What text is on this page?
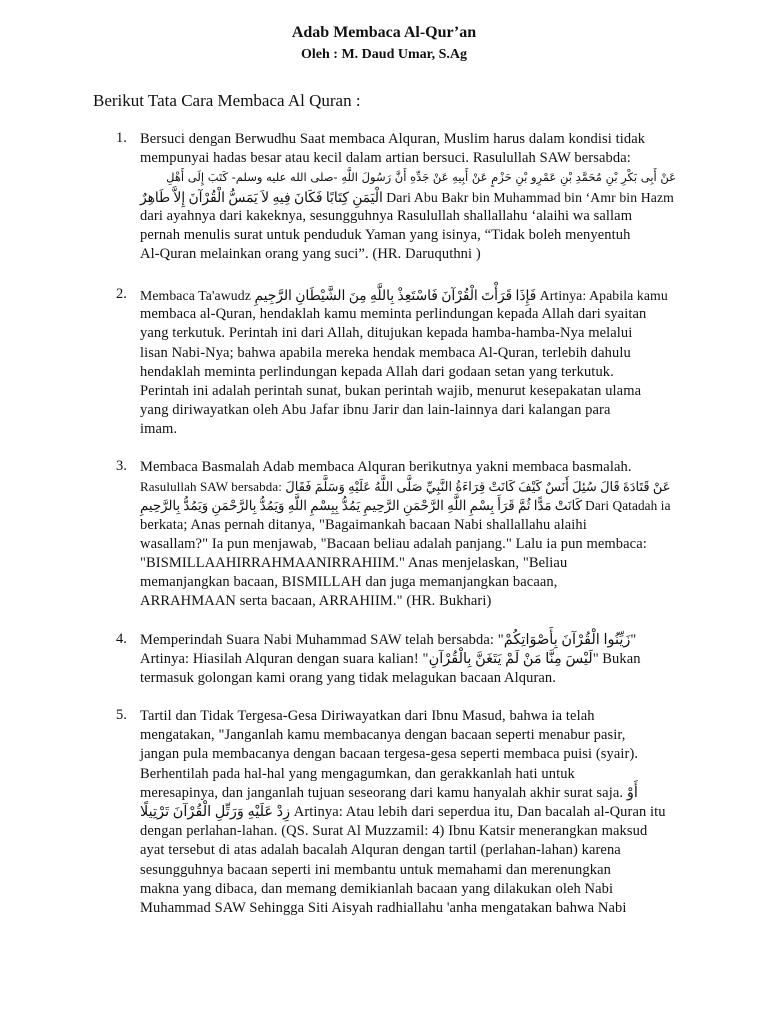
Adab Membaca Al-Qur’an
Oleh : M. Daud Umar, S.Ag
Berikut Tata Cara Membaca Al Quran :
1. Bersuci dengan Berwudhu Saat membaca Alquran, Muslim harus dalam kondisi tidak
mempunyai hadas besar atau kecil dalam artian bersuci. Rasulullah SAW bersabda:
عَنْ أَبِى بَكْرِ بْنِ مُحَمَّدِ بْنِ عَمْرِو بْنِ حَزْمٍ عَنْ أَبِيهِ عَنْ جَدِّهِ أَنَّ رَسُولَ اللَّهِ -صلى الله عليه وسلم- كَتَبَ إِلَى أَهْلِ
الْيَمَنِ كِتَابًا فَكَانَ فِيهِ لاَ يَمَسُّ الْقُرْآنَ إِلاَّ طَاهِرٌ Dari Abu Bakr bin Muhammad bin ‘Amr bin Hazm
dari ayahnya dari kakeknya, sesungguhnya Rasulullah shallallahu ‘alaihi wa sallam
pernah menulis surat untuk penduduk Yaman yang isinya, “Tidak boleh menyentuh
Al-Quran melainkan orang yang suci”. (HR. Daruquthni )
2. Membaca Ta'awudz فَإِذَا قَرَأْتَ الْقُرْآنَ فَاسْتَعِذْ بِاللَّهِ مِنَ الشَّيْطَانِ الرَّجِيمِ Artinya: Apabila kamu
membaca al-Quran, hendaklah kamu meminta perlindungan kepada Allah dari syaitan
yang terkutuk. Perintah ini dari Allah, ditujukan kepada hamba-hamba-Nya melalui
lisan Nabi-Nya; bahwa apabila mereka hendak membaca Al-Quran, terlebih dahulu
hendaklah meminta perlindungan kepada Allah dari godaan setan yang terkutuk.
Perintah ini adalah perintah sunat, bukan perintah wajib, menurut kesepakatan ulama
yang diriwayatkan oleh Abu Jafar ibnu Jarir dan lain-lainnya dari kalangan para
imam.
3. Membaca Basmalah Adab membaca Alquran berikutnya yakni membaca basmalah.
Rasulullah SAW bersabda: عَنْ قَتَادَةَ قَالَ سُئِلَ أَنَسٌ كَيْفَ كَانَتْ قِرَاءَةُ النَّبِيِّ صَلَّى اللَّهُ عَلَيْهِ وَسَلَّمَ فَقَالَ
كَانَتْ مَدًّا ثُمَّ قَرَأَ بِسْمِ اللَّهِ الرَّحْمَنِ الرَّحِيمِ يَمُدُّ بِبِسْمِ اللَّهِ وَيَمُدُّ بِالرَّحْمَنِ وَيَمُدُّ بِالرَّحِيمِ Dari Qatadah ia
berkata; Anas pernah ditanya, "Bagaimankah bacaan Nabi shallallahu alaihi
wasallam?" Ia pun menjawab, "Bacaan beliau adalah panjang." Lalu ia pun membaca:
"BISMILLAAHIRRAHMAANIRRAHIIM." Anas menjelaskan, "Beliau
memanjangkan bacaan, BISMILLAH dan juga memanjangkan bacaan,
ARRAHMAAN serta bacaan, ARRAHIIM." (HR. Bukhari)
4. Memperindah Suara Nabi Muhammad SAW telah bersabda: "زَيِّنُوا الْقُرْآنَ بِأَصْوَاتِكُمْ"
Artinya: Hiasilah Alquran dengan suara kalian! "لَيْسَ مِنَّا مَنْ لَمْ يَتَغَنَّ بِالْقُرْآنِ" Bukan
termasuk golongan kami orang yang tidak melagukan bacaan Alquran.
5. Tartil dan Tidak Tergesa-Gesa Diriwayatkan dari Ibnu Masud, bahwa ia telah
mengatakan, "Janganlah kamu membacanya dengan bacaan seperti menabur pasir,
jangan pula membacanya dengan bacaan tergesa-gesa seperti membaca puisi (syair).
Berhentilah pada hal-hal yang mengagumkan, dan gerakkanlah hati untuk
meresapinya, dan janganlah tujuan seseorang dari kamu hanyalah akhir surat saja. أَوْ
زِدْ عَلَيْهِ وَرَتِّلِ الْقُرْآنَ تَرْتِيلًا Artinya: Atau lebih dari seperdua itu, Dan bacalah al-Quran itu
dengan perlahan-lahan. (QS. Surat Al Muzzamil: 4) Ibnu Katsir menerangkan maksud
ayat tersebut di atas adalah bacalah Alquran dengan tartil (perlahan-lahan) karena
sesungguhnya bacaan seperti ini membantu untuk memahami dan merenungkan
makna yang dibaca, dan memang demikianlah bacaan yang dilakukan oleh Nabi
Muhammad SAW Sehingga Siti Aisyah radhiallahu 'anha mengatakan bahwa Nabi
